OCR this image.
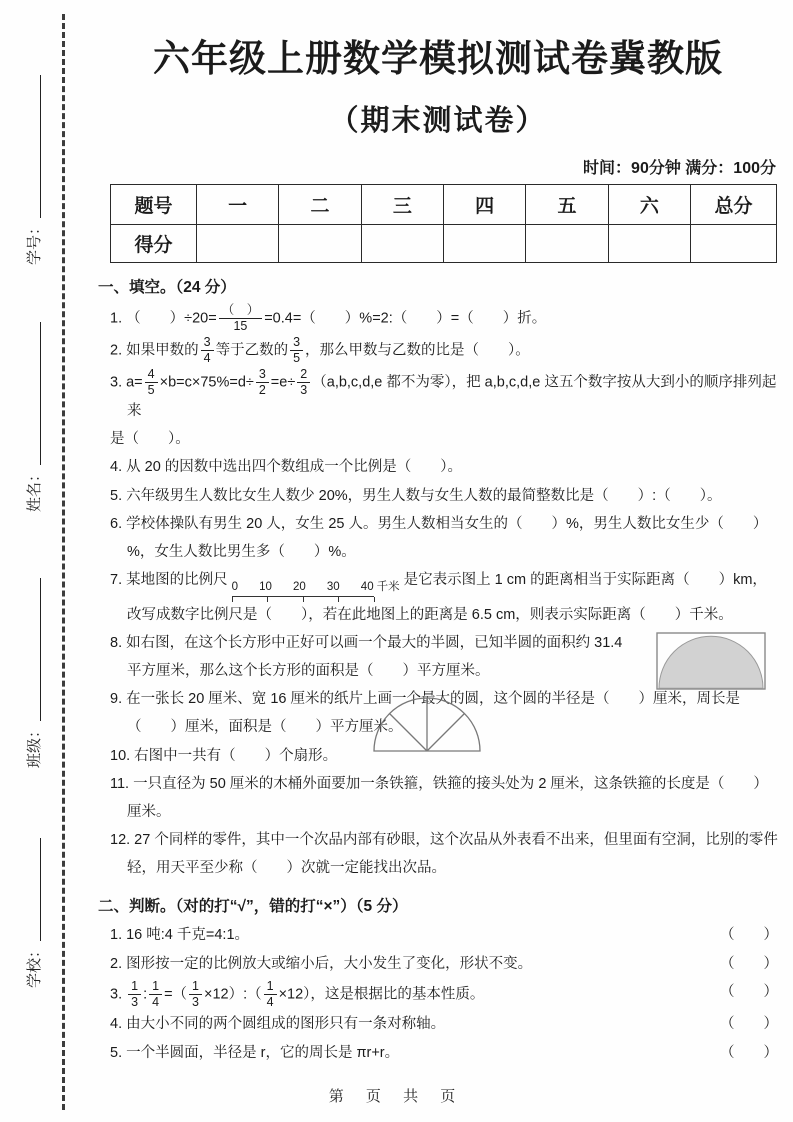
学号：
姓名：
班级：
学校：
六年级上册数学模拟测试卷冀教版
（期末测试卷）
时间：90分钟 满分：100分
题号	一	二	三	四	五	六	总分
得分							
一、填空。（24 分）
1. （　　）$\div 20= \frac{( )}{15} =0.4=$（　　）%=2:（　　）=（　　）折。
2. 如果甲数的 $\frac{3}{4}$ 等于乙数的 $\frac{3}{5}$ ，那么甲数与乙数的比是（　　）。
3. $a= \frac{4}{5} \times b=c\times 75\%=d\div \frac{3}{2} =e\div \frac{2}{3} (a,b,c,d,e$ 都不为零），把 a,b,c,d,e 这五个数字按从大到小的顺序排列起来
是（　　）。
4. 从 20 的因数中选出四个数组成一个比例是（　　）。
5. 六年级男生人数比女生人数少 20%，男生人数与女生人数的最简整数比是（　　）:（　　）。
6. 学校体操队有男生 20 人，女生 25 人。男生人数相当女生的（　　）%，男生人数比女生少（　　）%，女生人数比男生多（　　）%。
7. 某地图的比例尺 0 10 20 30 40 千米 是它表示图上 1 cm 的距离相当于实际距离（　　）km，改写成数字比例尺是（　　），若在此地图上的距离是 6.5 cm，则表示实际距离（　　）千米。
8. 如右图，在这个长方形中正好可以画一个最大的半圆，已知半圆的面积约 31.4 平方厘米，那么这个长方形的面积是（　　）平方厘米。
9. 在一张长 20 厘米、宽 16 厘米的纸片上画一个最大的圆，这个圆的半径是（　　）厘米，周长是（　　）厘米，面积是（　　）平方厘米。
10. 右图中一共有（　　）个扇形。
11. 一只直径为 50 厘米的木桶外面要加一条铁箍，铁箍的接头处为 2 厘米，这条铁箍的长度是（　　）厘米。
12. 27 个同样的零件，其中一个次品内部有砂眼，这个次品从外表看不出来，但里面有空洞，比别的零件轻，用天平至少称（　　）次就一定能找出次品。
二、判断。（对的打“√”，错的打“×”）（5 分）
1. 16 吨:4 千克=4:1。	（　　）
2. 图形按一定的比例放大或缩小后，大小发生了变化，形状不变。	（　　）
3. $\frac{1}{3}$ : $\frac{1}{4}$ =（ $\frac{1}{3}$ ×12）:（ $\frac{1}{4} \times 12$），这是根据比的基本性质。	（　　）
4. 由大小不同的两个圆组成的图形只有一条对称轴。	（　　）
5. 一个半圆面，半径是 r，它的周长是 πr+r。	（　　）
第 页 共 页
